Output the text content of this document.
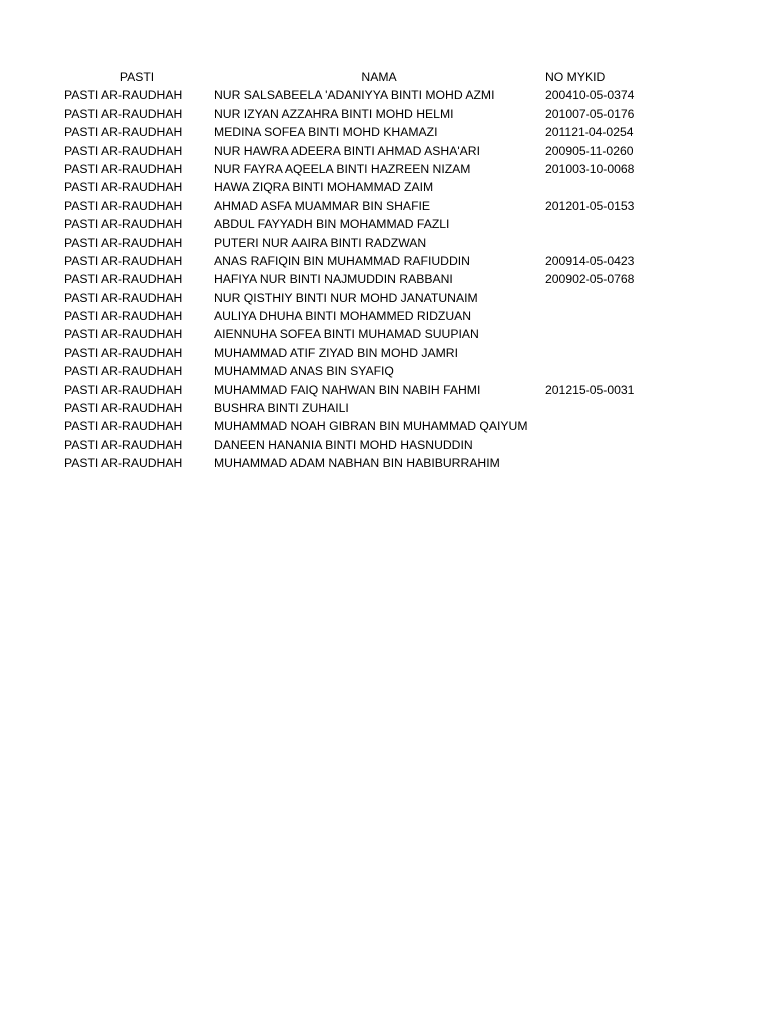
PASTI	NAMA	NO MYKID
PASTI AR-RAUDHAH	NUR SALSABEELA 'ADANIYYA BINTI MOHD AZMI	200410-05-0374
PASTI AR-RAUDHAH	NUR IZYAN AZZAHRA BINTI MOHD HELMI	201007-05-0176
PASTI AR-RAUDHAH	MEDINA SOFEA BINTI MOHD KHAMAZI	201121-04-0254
PASTI AR-RAUDHAH	NUR HAWRA ADEERA BINTI AHMAD ASHA'ARI	200905-11-0260
PASTI AR-RAUDHAH	NUR FAYRA AQEELA BINTI HAZREEN NIZAM	201003-10-0068
PASTI AR-RAUDHAH	HAWA ZIQRA BINTI MOHAMMAD ZAIM
PASTI AR-RAUDHAH	AHMAD ASFA MUAMMAR BIN SHAFIE	201201-05-0153
PASTI AR-RAUDHAH	ABDUL FAYYADH BIN MOHAMMAD FAZLI
PASTI AR-RAUDHAH	PUTERI NUR AAIRA BINTI RADZWAN
PASTI AR-RAUDHAH	ANAS RAFIQIN BIN MUHAMMAD RAFIUDDIN	200914-05-0423
PASTI AR-RAUDHAH	HAFIYA NUR BINTI NAJMUDDIN RABBANI	200902-05-0768
PASTI AR-RAUDHAH	NUR QISTHIY BINTI NUR MOHD JANATUNAIM
PASTI AR-RAUDHAH	AULIYA DHUHA BINTI MOHAMMED RIDZUAN
PASTI AR-RAUDHAH	AIENNUHA SOFEA BINTI MUHAMAD SUUPIAN
PASTI AR-RAUDHAH	MUHAMMAD ATIF ZIYAD BIN MOHD JAMRI
PASTI AR-RAUDHAH	MUHAMMAD ANAS BIN SYAFIQ
PASTI AR-RAUDHAH	MUHAMMAD FAIQ NAHWAN BIN NABIH FAHMI	201215-05-0031
PASTI AR-RAUDHAH	BUSHRA BINTI ZUHAILI
PASTI AR-RAUDHAH	MUHAMMAD NOAH GIBRAN BIN MUHAMMAD QAIYUM
PASTI AR-RAUDHAH	DANEEN HANANIA BINTI MOHD HASNUDDIN
PASTI AR-RAUDHAH	MUHAMMAD ADAM NABHAN BIN HABIBURRAHIM
